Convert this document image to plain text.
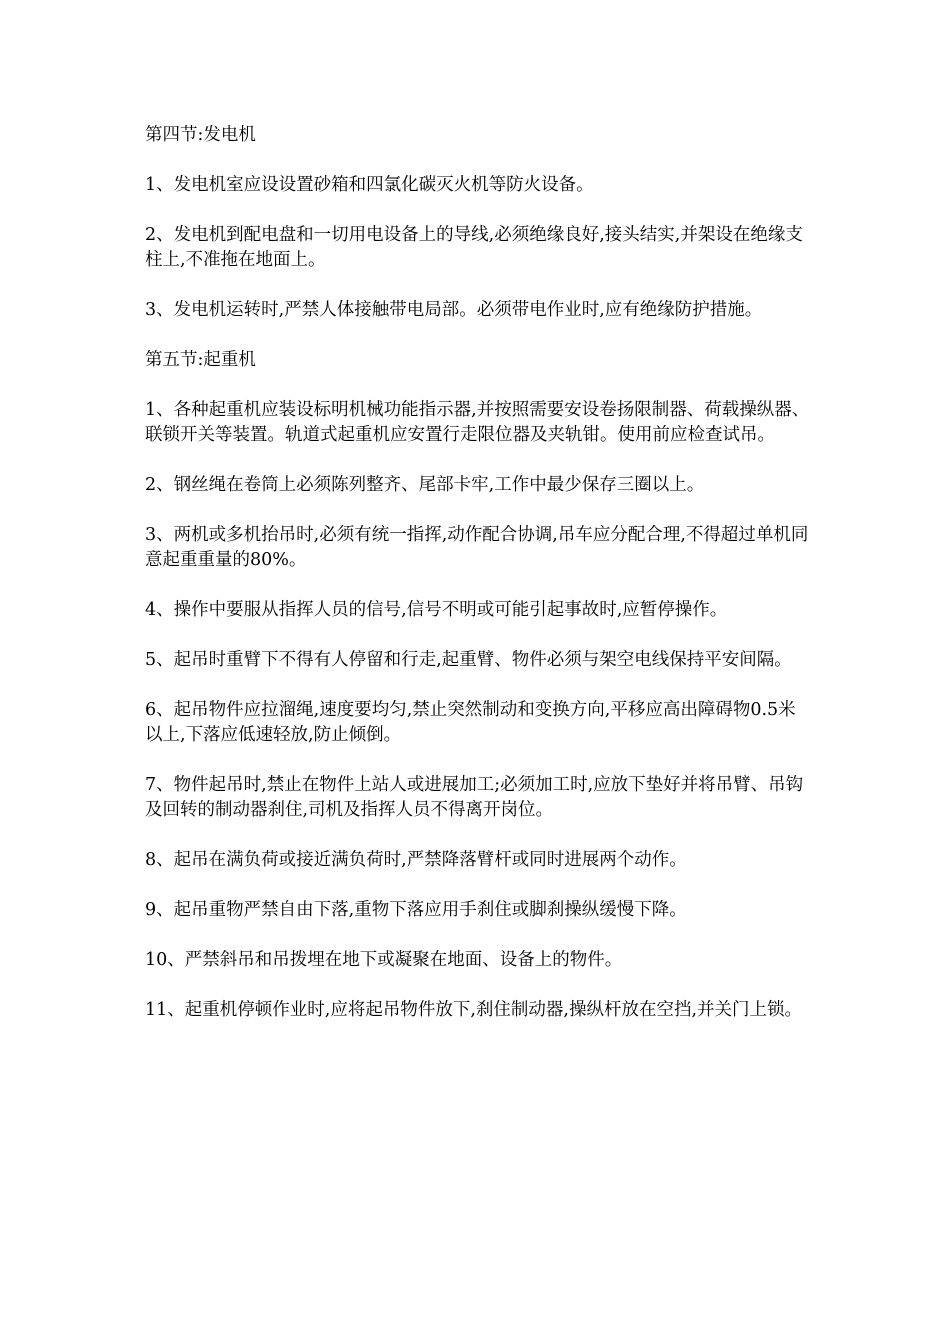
第四节:发电机

1、发电机室应设设置砂箱和四氯化碳灭火机等防火设备。

2、发电机到配电盘和一切用电设备上的导线,必须绝缘良好,接头结实,并架设在绝缘支柱上,不准拖在地面上。

3、发电机运转时,严禁人体接触带电局部。必须带电作业时,应有绝缘防护措施。

第五节:起重机

1、各种起重机应装设标明机械功能指示器,并按照需要安设卷扬限制器、荷载操纵器、联锁开关等装置。轨道式起重机应安置行走限位器及夹轨钳。使用前应检查试吊。

2、钢丝绳在卷筒上必须陈列整齐、尾部卡牢,工作中最少保存三圈以上。

3、两机或多机抬吊时,必须有统一指挥,动作配合协调,吊车应分配合理,不得超过单机同意起重重量的80%。

4、操作中要服从指挥人员的信号,信号不明或可能引起事故时,应暂停操作。

5、起吊时重臂下不得有人停留和行走,起重臂、物件必须与架空电线保持平安间隔。

6、起吊物件应拉溜绳,速度要均匀,禁止突然制动和变换方向,平移应高出障碍物0.5米以上,下落应低速轻放,防止倾倒。

7、物件起吊时,禁止在物件上站人或进展加工;必须加工时,应放下垫好并将吊臂、吊钩及回转的制动器刹住,司机及指挥人员不得离开岗位。

8、起吊在满负荷或接近满负荷时,严禁降落臂杆或同时进展两个动作。

9、起吊重物严禁自由下落,重物下落应用手刹住或脚刹操纵缓慢下降。

10、严禁斜吊和吊拨埋在地下或凝聚在地面、设备上的物件。

11、起重机停顿作业时,应将起吊物件放下,刹住制动器,操纵杆放在空挡,并关门上锁。
